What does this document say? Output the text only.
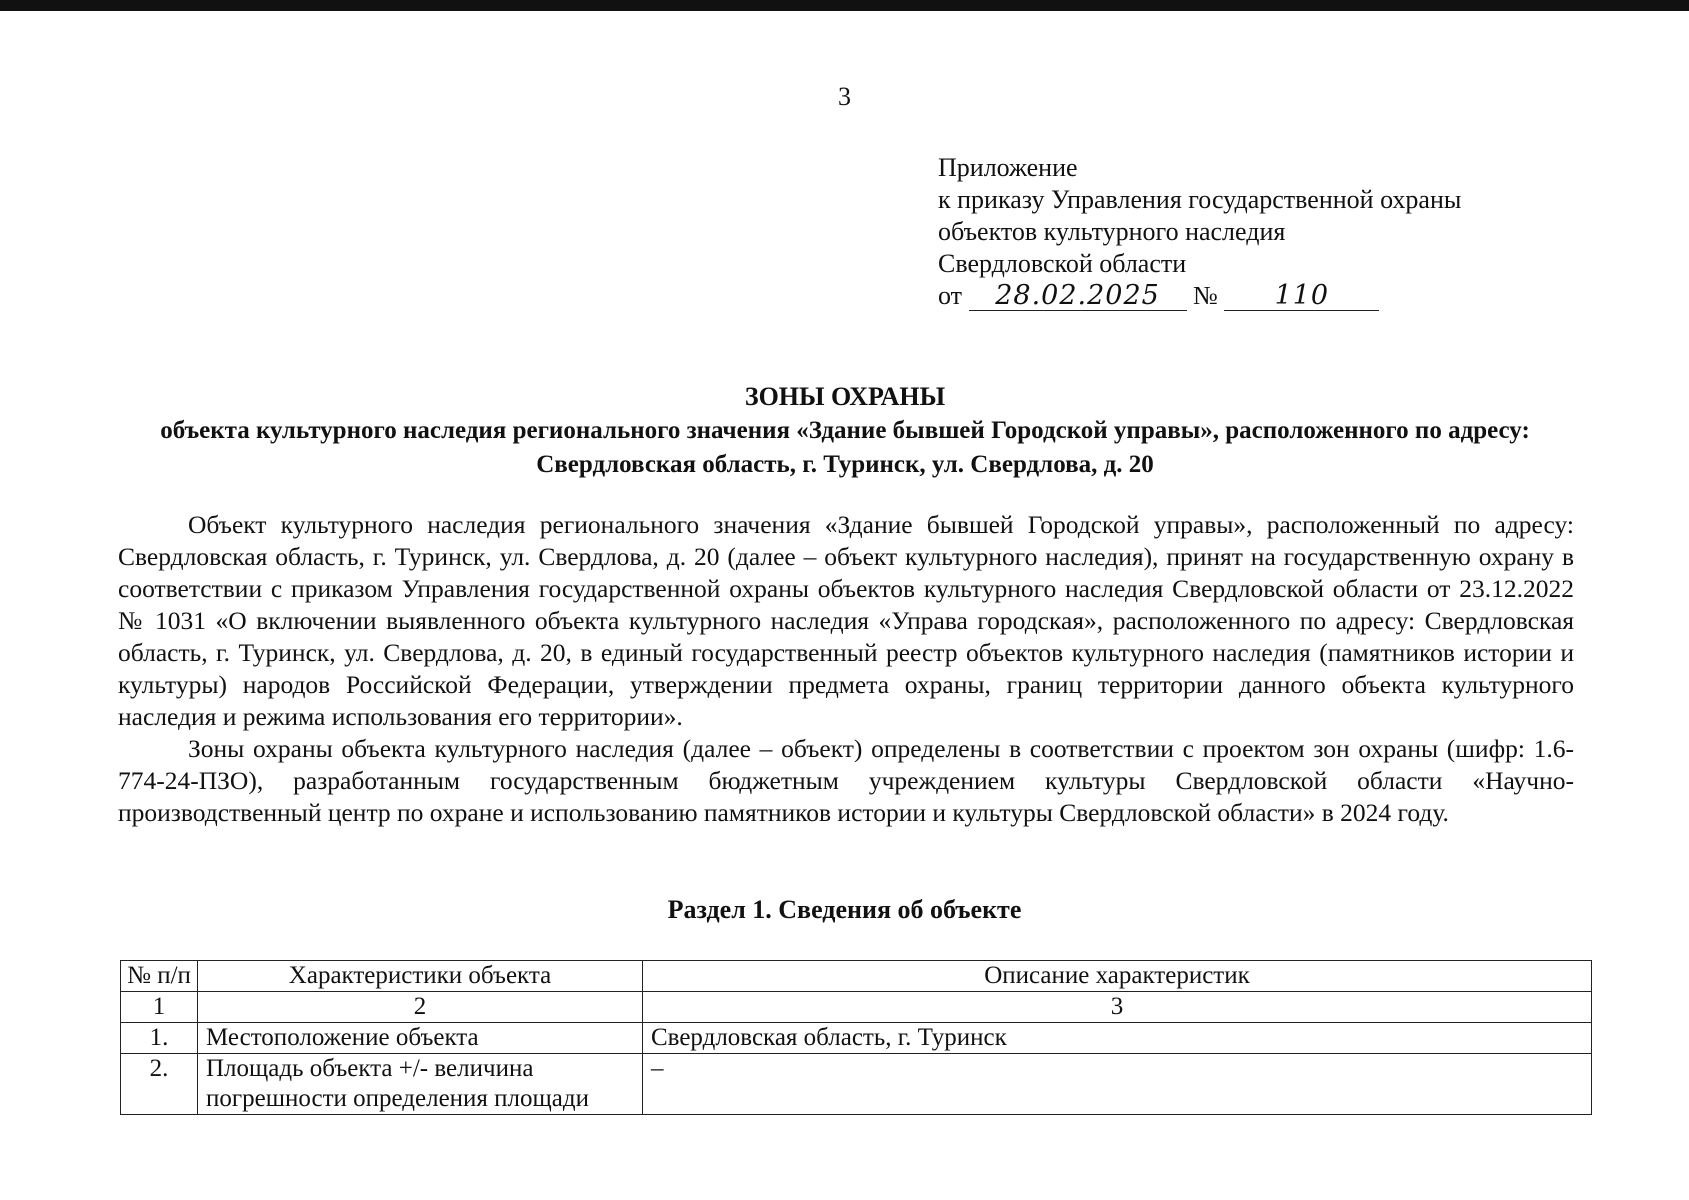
3
Приложение
к приказу Управления государственной охраны
объектов культурного наследия
Свердловской области
от 28.02.2025 № 110
ЗОНЫ ОХРАНЫ
объекта культурного наследия регионального значения «Здание бывшей Городской управы», расположенного по адресу: Свердловская область, г. Туринск, ул. Свердлова, д. 20

Объект культурного наследия регионального значения «Здание бывшей Городской управы», расположенный по адресу: Свердловская область, г. Туринск, ул. Свердлова, д. 20 (далее – объект культурного наследия), принят на государственную охрану в соответствии с приказом Управления государственной охраны объектов культурного наследия Свердловской области от 23.12.2022 № 1031 «О включении выявленного объекта культурного наследия «Управа городская», расположенного по адресу: Свердловская область, г. Туринск, ул. Свердлова, д. 20, в единый государственный реестр объектов культурного наследия (памятников истории и культуры) народов Российской Федерации, утверждении предмета охраны, границ территории данного объекта культурного наследия и режима использования его территории».

Зоны охраны объекта культурного наследия (далее – объект) определены в соответствии с проектом зон охраны (шифр: 1.6-774-24-ПЗО), разработанным государственным бюджетным учреждением культуры Свердловской области «Научно-производственный центр по охране и использованию памятников истории и культуры Свердловской области» в 2024 году.

Раздел 1. Сведения об объекте
№ п/п	Характеристики объекта	Описание характеристик
1	2	3
1.	Местоположение объекта	Свердловская область, г. Туринск
2.	Площадь объекта +/- величина погрешности определения площади	–
